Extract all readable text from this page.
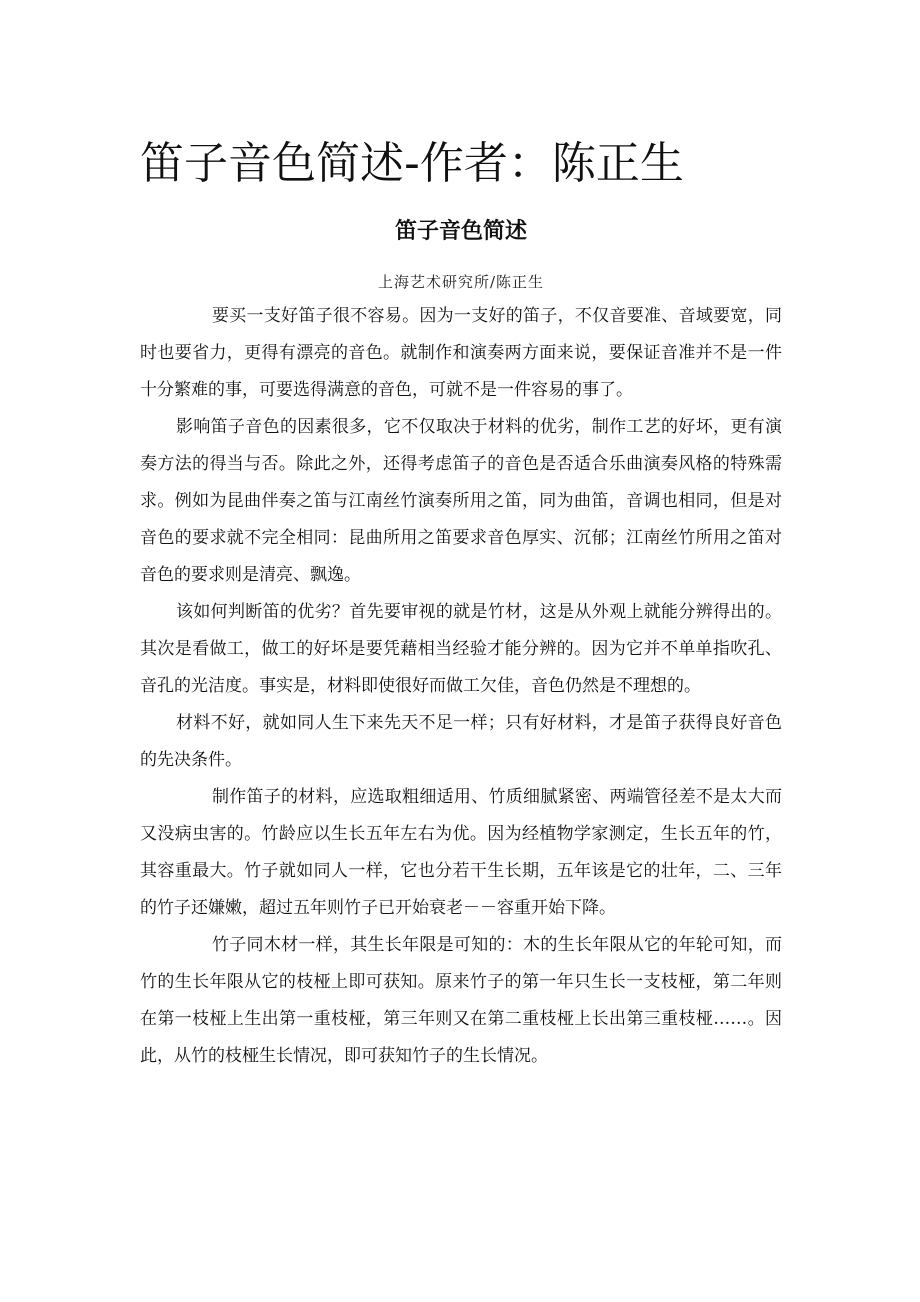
笛子音色简述-作者：陈正生
笛子音色简述

上海艺术研究所/陈正生

要买一支好笛子很不容易。因为一支好的笛子，不仅音要准、音域要宽，同时也要省力，更得有漂亮的音色。就制作和演奏两方面来说，要保证音准并不是一件十分繁难的事，可要选得满意的音色，可就不是一件容易的事了。

影响笛子音色的因素很多，它不仅取决于材料的优劣，制作工艺的好坏，更有演奏方法的得当与否。除此之外，还得考虑笛子的音色是否适合乐曲演奏风格的特殊需求。例如为昆曲伴奏之笛与江南丝竹演奏所用之笛，同为曲笛，音调也相同，但是对音色的要求就不完全相同：昆曲所用之笛要求音色厚实、沉郁；江南丝竹所用之笛对音色的要求则是清亮、飘逸。

该如何判断笛的优劣？首先要审视的就是竹材，这是从外观上就能分辨得出的。其次是看做工，做工的好坏是要凭藉相当经验才能分辨的。因为它并不单单指吹孔、音孔的光洁度。事实是，材料即使很好而做工欠佳，音色仍然是不理想的。

材料不好，就如同人生下来先天不足一样；只有好材料，才是笛子获得良好音色的先决条件。

制作笛子的材料，应选取粗细适用、竹质细腻紧密、两端管径差不是太大而又没病虫害的。竹龄应以生长五年左右为优。因为经植物学家测定，生长五年的竹，其容重最大。竹子就如同人一样，它也分若干生长期，五年该是它的壮年，二、三年的竹子还嫌嫩，超过五年则竹子已开始衰老－－容重开始下降。

竹子同木材一样，其生长年限是可知的：木的生长年限从它的年轮可知，而竹的生长年限从它的枝桠上即可获知。原来竹子的第一年只生长一支枝桠，第二年则在第一枝桠上生出第一重枝桠，第三年则又在第二重枝桠上长出第三重枝桠……。因此，从竹的枝桠生长情况，即可获知竹子的生长情况。
